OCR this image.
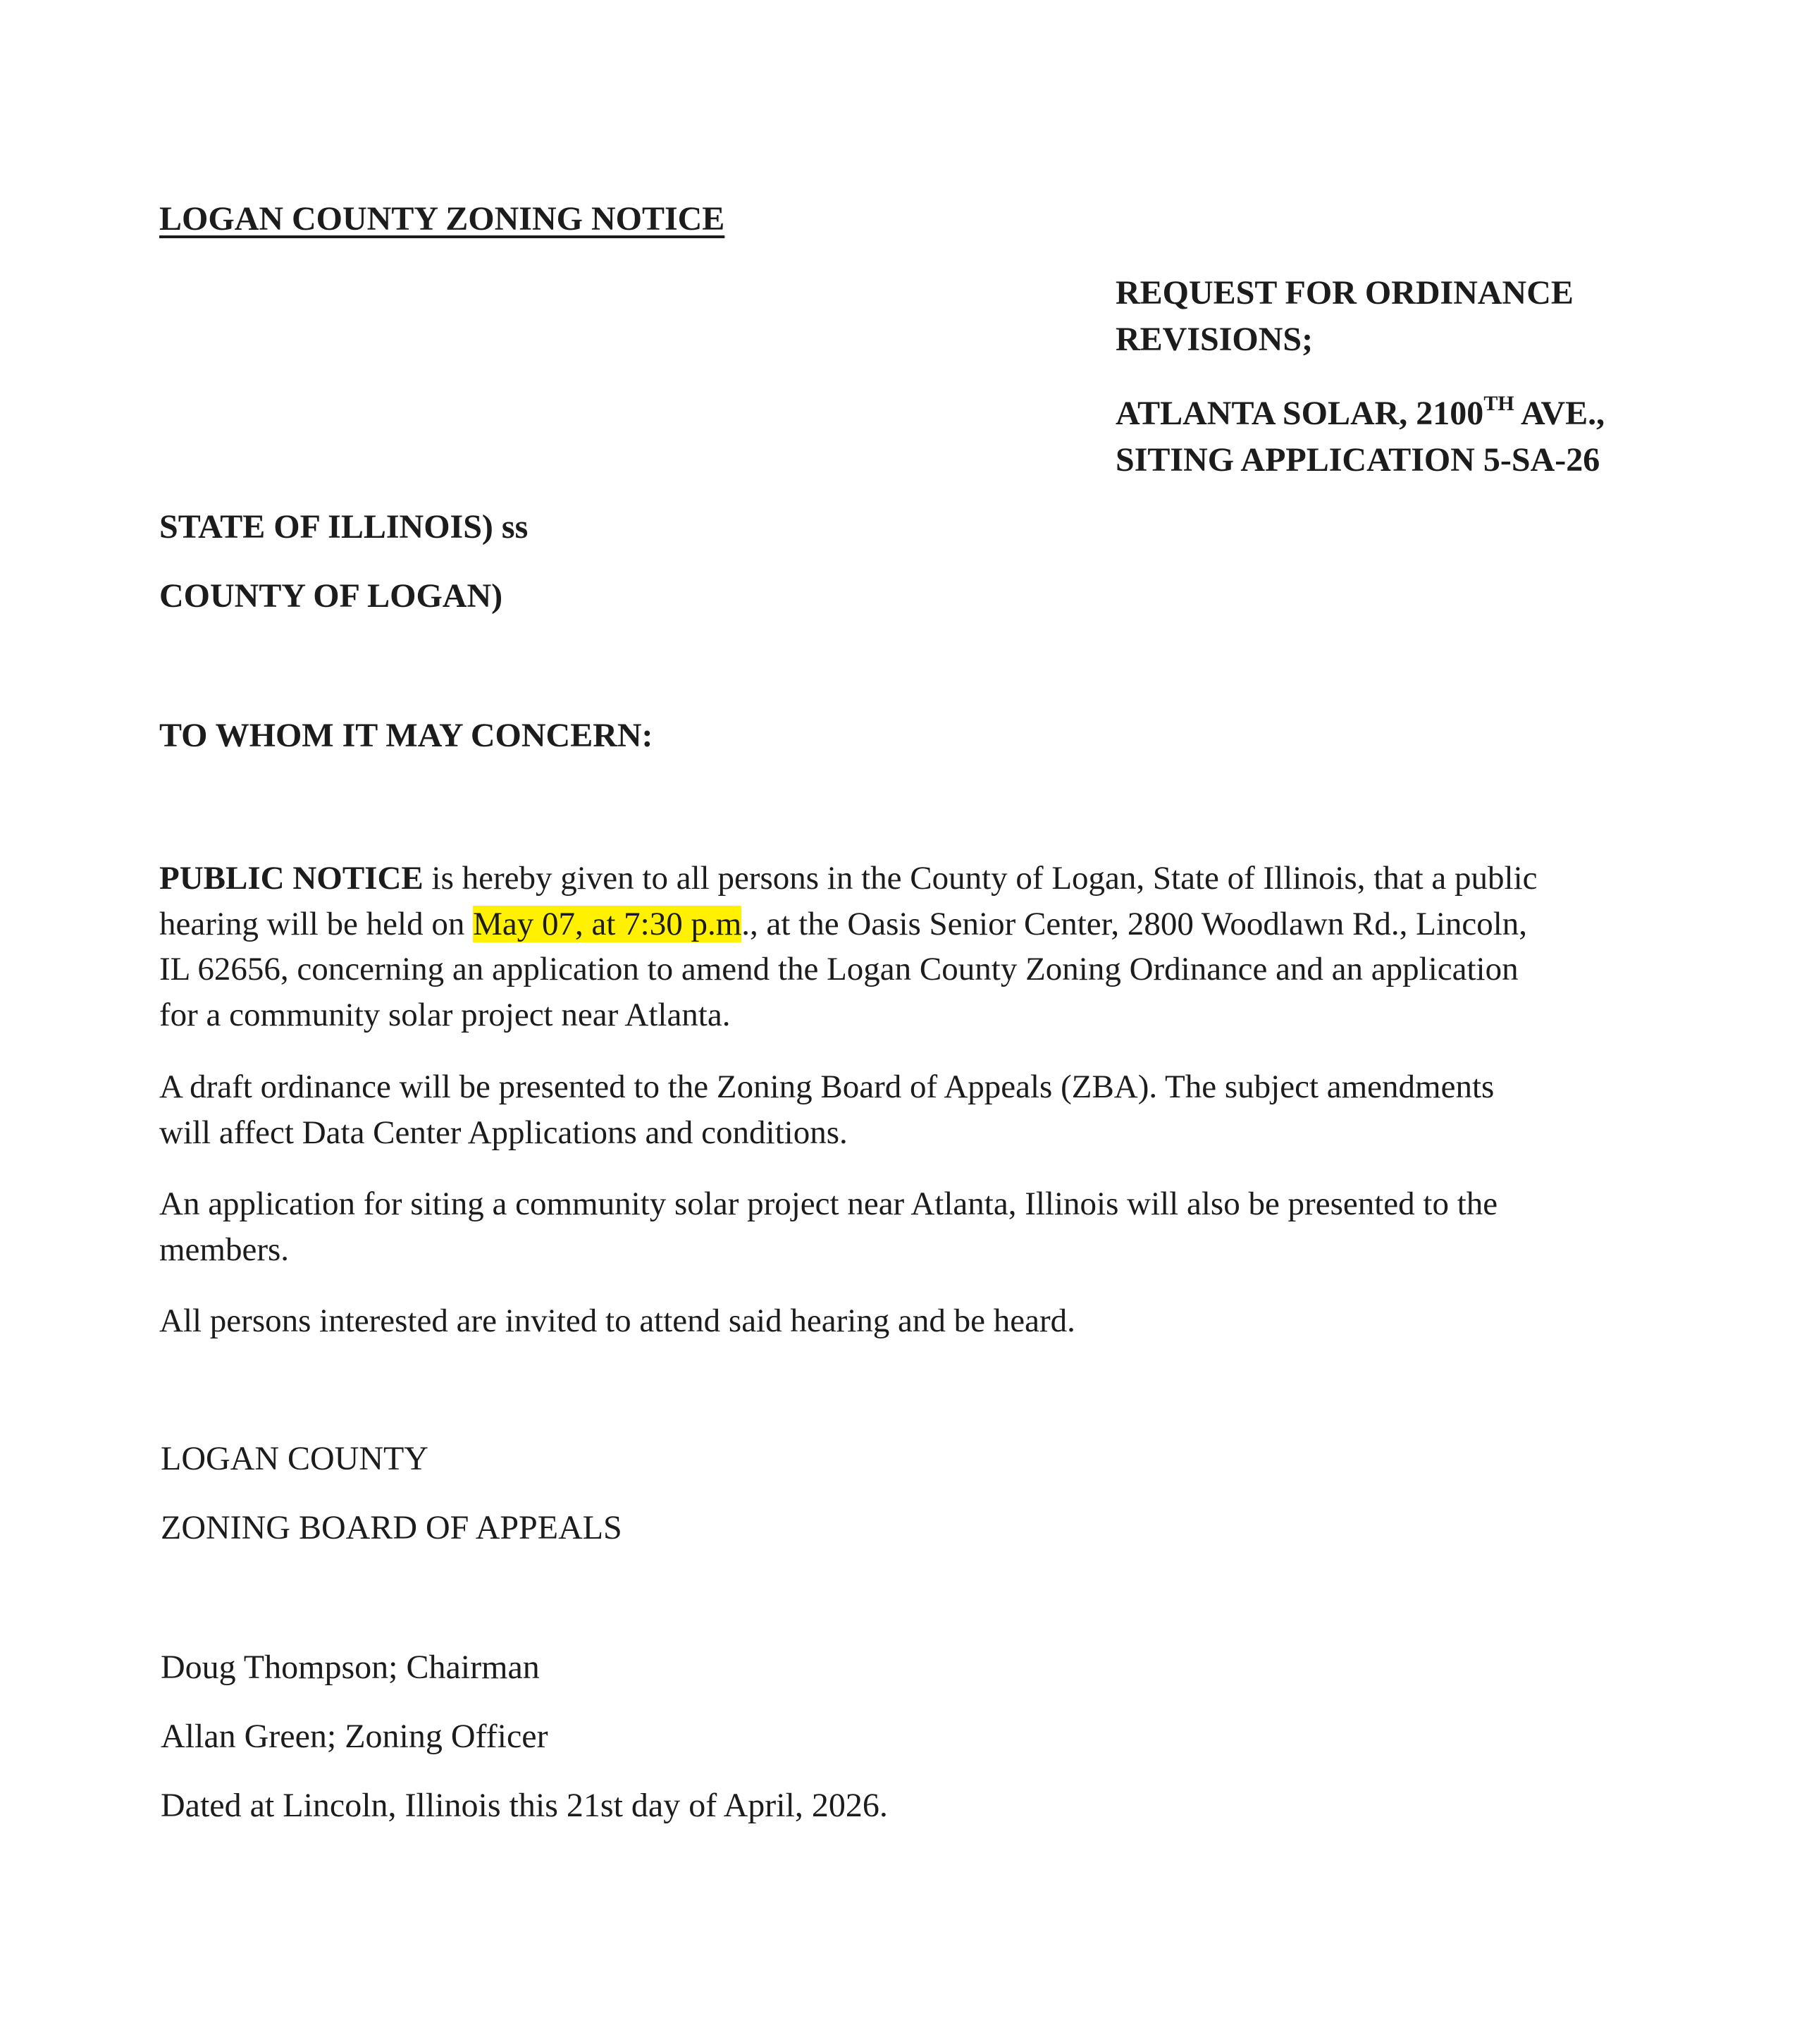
LOGAN COUNTY ZONING NOTICE
REQUEST FOR ORDINANCE
REVISIONS;
ATLANTA SOLAR, 2100TH AVE.,
SITING APPLICATION 5-SA-26
STATE OF ILLINOIS) ss
COUNTY OF LOGAN)
TO WHOM IT MAY CONCERN:
PUBLIC NOTICE is hereby given to all persons in the County of Logan, State of Illinois, that a public
hearing will be held on May 07, at 7:30 p.m., at the Oasis Senior Center, 2800 Woodlawn Rd., Lincoln,
IL 62656, concerning an application to amend the Logan County Zoning Ordinance and an application
for a community solar project near Atlanta.
A draft ordinance will be presented to the Zoning Board of Appeals (ZBA). The subject amendments
will affect Data Center Applications and conditions.
An application for siting a community solar project near Atlanta, Illinois will also be presented to the
members.
All persons interested are invited to attend said hearing and be heard.
LOGAN COUNTY
ZONING BOARD OF APPEALS
Doug Thompson; Chairman
Allan Green; Zoning Officer
Dated at Lincoln, Illinois this 21st day of April, 2026.
